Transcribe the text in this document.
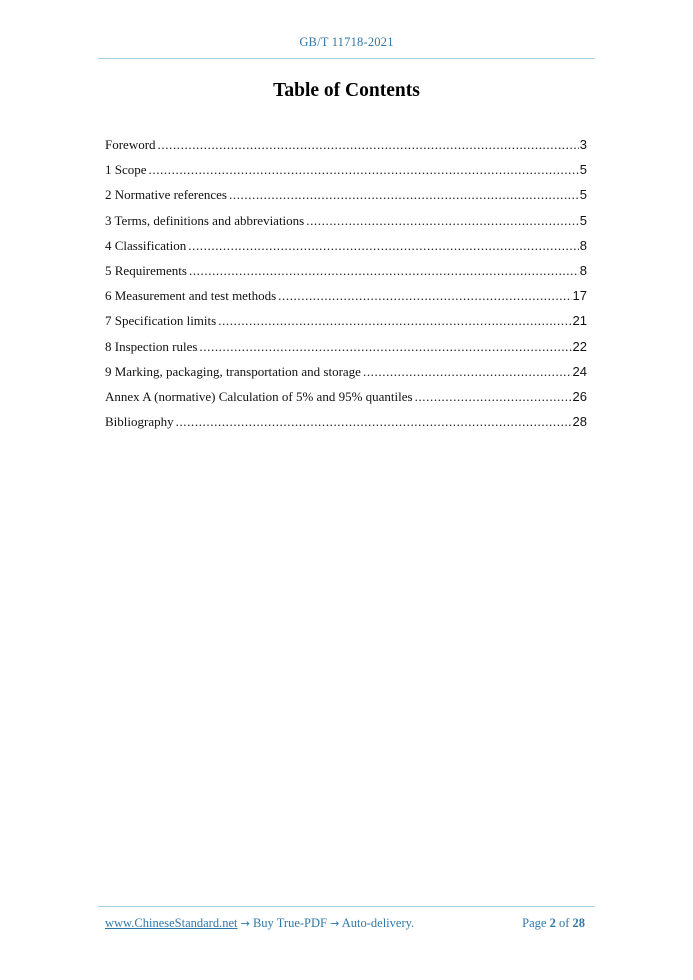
GB/T 11718-2021
Table of Contents
Foreword .....	3
1 Scope .....	5
2 Normative references .....	5
3 Terms, definitions and abbreviations .....	5
4 Classification .....	8
5 Requirements .....	8
6 Measurement and test methods .....	17
7 Specification limits .....	21
8 Inspection rules .....	22
9 Marking, packaging, transportation and storage .....	24
Annex A (normative) Calculation of 5% and 95% quantiles .....	26
Bibliography .....	28
www.ChineseStandard.net → Buy True-PDF → Auto-delivery.	Page 2 of 28
